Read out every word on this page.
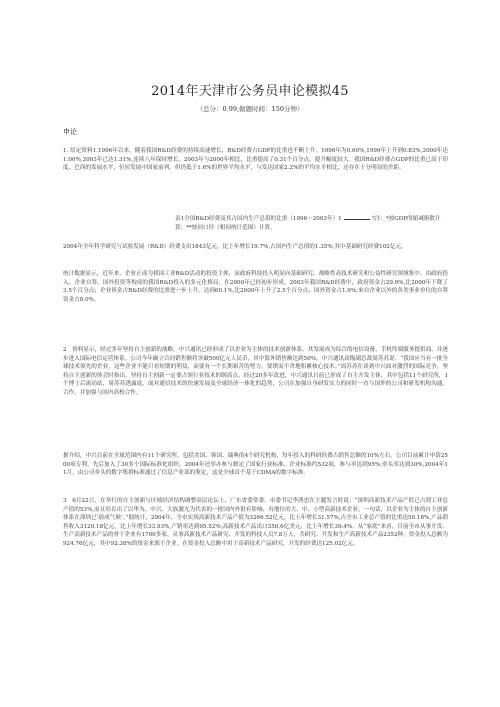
2014年天津市公务员申论模拟45
（总分：0.99,做题时间：150分钟）
申论

1. 给定资料1.1996年以来，随着我国R&D经费的持续高速增长，R&D经费占GDP的比重也不断上升，1996年为0.60%,1999年上升到0.83%,2000年达1.00%,2003年已达1.31%,连续八年保持增长，2003年与2000年相比，比重提高了0.31个百分点，提升幅度较大。我国R&D经费占GDP的比重已高于印度、巴西的发展水平，位居发展中国家前列，但仍低于1.6%的世界平均水平，与发达国家2.2%的平均水平相比，还存在十分明显的差距。

表1全国R&D经费及其占国内生产总值的比重（1996～2003年）1	?注：*按GDP的缩减指数计算；**按同口径（相同统计范围）计算。

2004年全年科学研究与试验发展（R&D）经费支出1843亿元，比上年增长19.7%,占国内生产总值的1.35%,其中基础研究经费102亿元。

统计数据显示，近年来，企业正成为我国工业R&D活动的投资主体，而政府科技投入明显向基础研究、战略性高技术研究和公益性研究领域集中。由政府投入、企业自筹、国外投资等构成的我国R&D投入的多元化格局，在2000年已经初步形成。2003年我国R&D经费中，政府资金占29.9%,比2000年下降了3.5个百分点；企业资金占R&D经费的比重进一步上升，达到60.1%,比2000年上升了2.5个百分点；国外资金占1.9%;来自企业以外的各类事业单位的自筹资金占8.0%。

2　资料显示，经过多年坚持自主创新的战略，中兴通讯已经形成了以企业为主体的技术创新体系，其发展成为综合的电信设备、手机终端服务提供商，并逐步进入国际电信运营体系。公司今年确立合同销售额将突破500亿元人民币，其中海外销售额达到50%。中兴通讯高级副总裁周苏苏说：“我国应当有一批全球技术领先的企业，这些企业不能只看短期的利益，而要有一个长期艰苦的努力，要锲而不舍地积累核心技术。”周苏苏在谈到中兴面对激烈的国际竞争，坚持自主创新的体会时指出，坚持自主创新一定要占领行业技术的制高点。经过20多年改进，中兴通讯目前已形成了自主开发主体，其中包括11个研究所，1个博士后流动站，周苏苏透露说，面对通信技术的快速发展及全球经济一体化的趋势，公司在加强自身研发实力的同时一直与国外的公司和研发机构沟通、合作，并加强与国内高校合作。

据介绍，中兴目前在全球范围内有11个研究所，包括美国、韩国、瑞典的4个研究机构，每年投入的科研经费占销售总额的10%左右。公司目前累计申请2500项专利，先后加入了30多个国际标准化组织。2004年还举办参与制定了国家行业标准、企业标准约532项，参与率达到95%,牵头率达到30%,2004年11月，由公司牵头的数字集群标准通过了信息产业部的鉴定，这是全球首个基于CDMA的数字标准。

3　6月22日，在举行的自主创新与区域经济结构调整高层论坛上，广东省委常委、市委书记李鸿忠在主题发言时说：“深圳高新技术产品产值已占到工业总产值的53%,而且培育出了以华为、中兴、大族激光为代表的一批国内外很有影响、有地位的大、中、小型高新技术企业，一句话，以企业为主体的自主创新体系在深圳已‘蔚成气候’。”据统计，2004年，全市实现高新技术产品产值为3266.52亿元，比上年增长31.57%,占全市工业总产值的比重达50.18%,产品销售收入3120.18亿元，比上年增长33.93%,产销率达到95.52%;高新技术产品出口350.6亿美元，比上年增长39.4%。从“家底”来看，目前全市从事开发、生产高新技术产品的骨干企业有1700多家，从事高新技术产品研究、开发的科技人员7.8万人，共研究、开发和生产高新技术产品2352种，资金投入总额为924.76亿元，其中92.38%的资金来源于企业。在资金投入总额中用于高新技术产品研究、开发的经费达125.02亿元。
